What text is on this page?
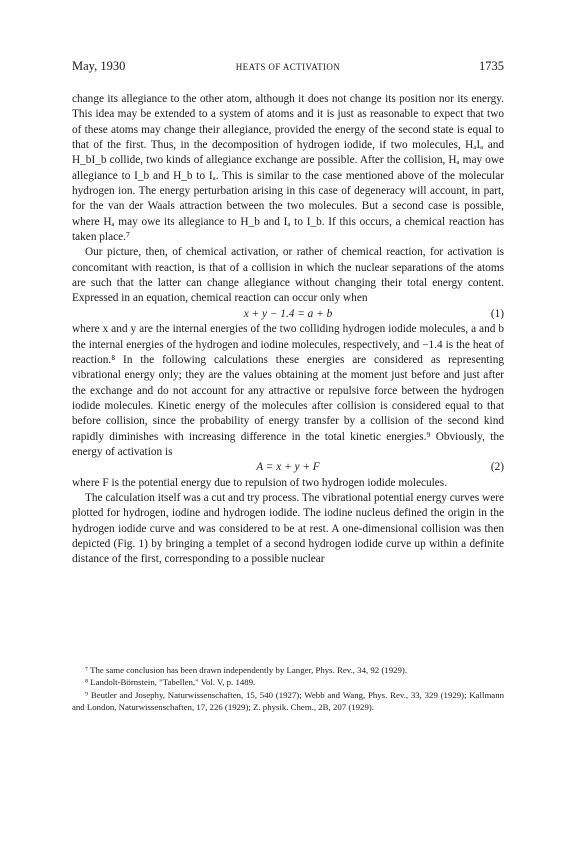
May, 1930	HEATS OF ACTIVATION	1735

change its allegiance to the other atom, although it does not change its position nor its energy. This idea may be extended to a system of atoms and it is just as reasonable to expect that two of these atoms may change their allegiance, provided the energy of the second state is equal to that of the first. Thus, in the decomposition of hydrogen iodide, if two molecules, HₐIₐ and H_bI_b collide, two kinds of allegiance exchange are possible. After the collision, Hₐ may owe allegiance to I_b and H_b to Iₐ. This is similar to the case mentioned above of the molecular hydrogen ion. The energy perturbation arising in this case of degeneracy will account, in part, for the van der Waals attraction between the two molecules. But a second case is possible, where Hₐ may owe its allegiance to H_b and Iₐ to I_b. If this occurs, a chemical reaction has taken place.⁷

Our picture, then, of chemical activation, or rather of chemical reaction, for activation is concomitant with reaction, is that of a collision in which the nuclear separations of the atoms are such that the latter can change allegiance without changing their total energy content. Expressed in an equation, chemical reaction can occur only when

x + y − 1.4 = a + b	(1)

where x and y are the internal energies of the two colliding hydrogen iodide molecules, a and b the internal energies of the hydrogen and iodine molecules, respectively, and −1.4 is the heat of reaction.⁸ In the following calculations these energies are considered as representing vibrational energy only; they are the values obtaining at the moment just before and just after the exchange and do not account for any attractive or repulsive force between the hydrogen iodide molecules. Kinetic energy of the molecules after collision is considered equal to that before collision, since the probability of energy transfer by a collision of the second kind rapidly diminishes with increasing difference in the total kinetic energies.⁹ Obviously, the energy of activation is

A = x + y + F	(2)

where F is the potential energy due to repulsion of two hydrogen iodide molecules.

The calculation itself was a cut and try process. The vibrational potential energy curves were plotted for hydrogen, iodine and hydrogen iodide. The iodine nucleus defined the origin in the hydrogen iodide curve and was considered to be at rest. A one-dimensional collision was then depicted (Fig. 1) by bringing a templet of a second hydrogen iodide curve up within a definite distance of the first, corresponding to a possible nuclear

⁷ The same conclusion has been drawn independently by Langer, Phys. Rev., 34, 92 (1929).

⁸ Landolt-Börnstein, "Tabellen," Vol. V, p. 1489.

⁹ Beutler and Josephy, Naturwissenschaften, 15, 540 (1927); Webb and Wang, Phys. Rev., 33, 329 (1929); Kallmann and London, Naturwissenschaften, 17, 226 (1929); Z. physik. Chem., 2B, 207 (1929).
